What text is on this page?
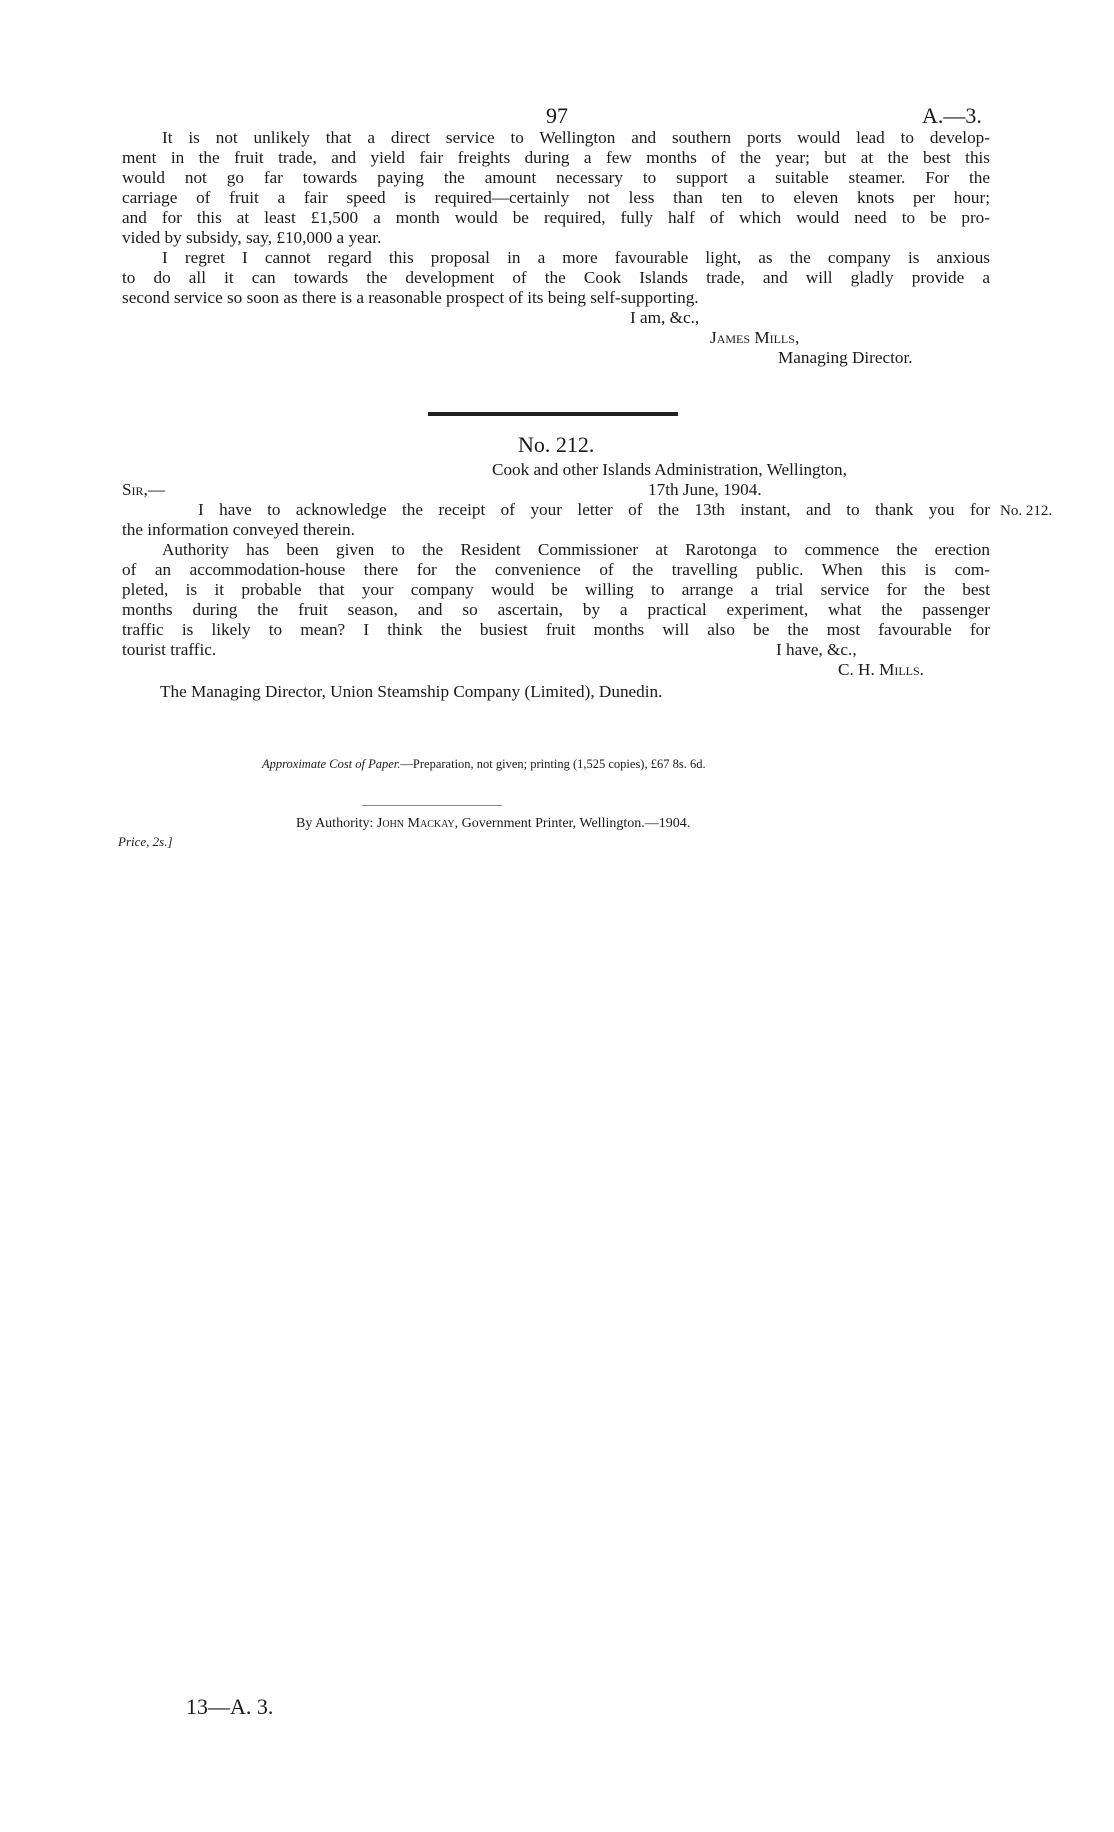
97	A.—3.
It is not unlikely that a direct service to Wellington and southern ports would lead to develop-
ment in the fruit trade, and yield fair freights during a few months of the year; but at the best this
would not go far towards paying the amount necessary to support a suitable steamer. For the
carriage of fruit a fair speed is required—certainly not less than ten to eleven knots per hour;
and for this at least £1,500 a month would be required, fully half of which would need to be pro-
vided by subsidy, say, £10,000 a year.
I regret I cannot regard this proposal in a more favourable light, as the company is anxious
to do all it can towards the development of the Cook Islands trade, and will gladly provide a
second service so soon as there is a reasonable prospect of its being self-supporting.
I am, &c.,
James Mills,
Managing Director.
No. 212.
Cook and other Islands Administration, Wellington,
Sir,—	17th June, 1904.
I have to acknowledge the receipt of your letter of the 13th instant, and to thank you for
the information conveyed therein.
No. 212.
Authority has been given to the Resident Commissioner at Rarotonga to commence the erection
of an accommodation-house there for the convenience of the travelling public. When this is com-
pleted, is it probable that your company would be willing to arrange a trial service for the best
months during the fruit season, and so ascertain, by a practical experiment, what the passenger
traffic is likely to mean? I think the busiest fruit months will also be the most favourable for
tourist traffic.	I have, &c.,
C. H. Mills.
The Managing Director, Union Steamship Company (Limited), Dunedin.
Approximate Cost of Paper.—Preparation, not given; printing (1,525 copies), £67 8s. 6d.
By Authority: John Mackay, Government Printer, Wellington.—1904.
Price, 2s.]
13—A. 3.
